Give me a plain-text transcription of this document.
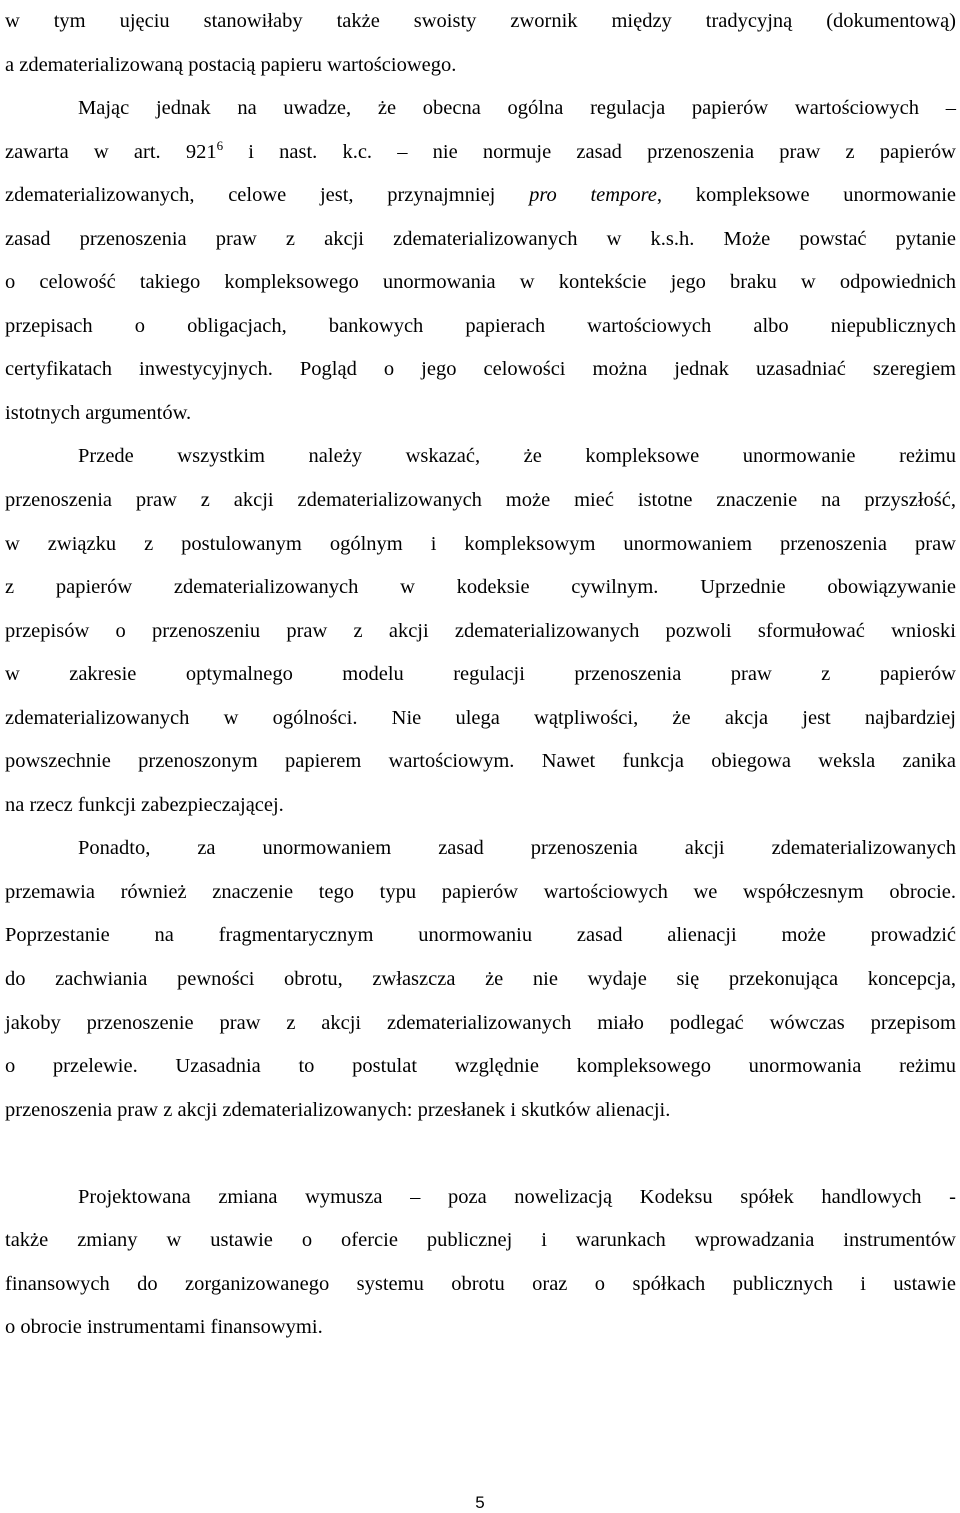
w tym ujęciu stanowiłaby także swoisty zwornik między tradycyjną (dokumentową)
a zdematerializowaną postacią papieru wartościowego.
Mając jednak na uwadze, że obecna ogólna regulacja papierów wartościowych –
zawarta w art. $921^6$ i nast. k.c. – nie normuje zasad przenoszenia praw z papierów
zdematerializowanych, celowe jest, przynajmniej pro tempore, kompleksowe unormowanie
zasad przenoszenia praw z akcji zdematerializowanych w k.s.h. Może powstać pytanie
o celowość takiego kompleksowego unormowania w kontekście jego braku w odpowiednich
przepisach o obligacjach, bankowych papierach wartościowych albo niepublicznych
certyfikatach inwestycyjnych. Pogląd o jego celowości można jednak uzasadniać szeregiem
istotnych argumentów.
Przede wszystkim należy wskazać, że kompleksowe unormowanie reżimu
przenoszenia praw z akcji zdematerializowanych może mieć istotne znaczenie na przyszłość,
w związku z postulowanym ogólnym i kompleksowym unormowaniem przenoszenia praw
z papierów zdematerializowanych w kodeksie cywilnym. Uprzednie obowiązywanie
przepisów o przenoszeniu praw z akcji zdematerializowanych pozwoli sformułować wnioski
w zakresie optymalnego modelu regulacji przenoszenia praw z papierów
zdematerializowanych w ogólności. Nie ulega wątpliwości, że akcja jest najbardziej
powszechnie przenoszonym papierem wartościowym. Nawet funkcja obiegowa weksla zanika
na rzecz funkcji zabezpieczającej.
Ponadto, za unormowaniem zasad przenoszenia akcji zdematerializowanych
przemawia również znaczenie tego typu papierów wartościowych we współczesnym obrocie.
Poprzestanie na fragmentarycznym unormowaniu zasad alienacji może prowadzić
do zachwiania pewności obrotu, zwłaszcza że nie wydaje się przekonująca koncepcja,
jakoby przenoszenie praw z akcji zdematerializowanych miało podlegać wówczas przepisom
o przelewie. Uzasadnia to postulat względnie kompleksowego unormowania reżimu
przenoszenia praw z akcji zdematerializowanych: przesłanek i skutków alienacji.
Projektowana zmiana wymusza – poza nowelizacją Kodeksu spółek handlowych -
także zmiany w ustawie o ofercie publicznej i warunkach wprowadzania instrumentów
finansowych do zorganizowanego systemu obrotu oraz o spółkach publicznych i ustawie
o obrocie instrumentami finansowymi.
5
